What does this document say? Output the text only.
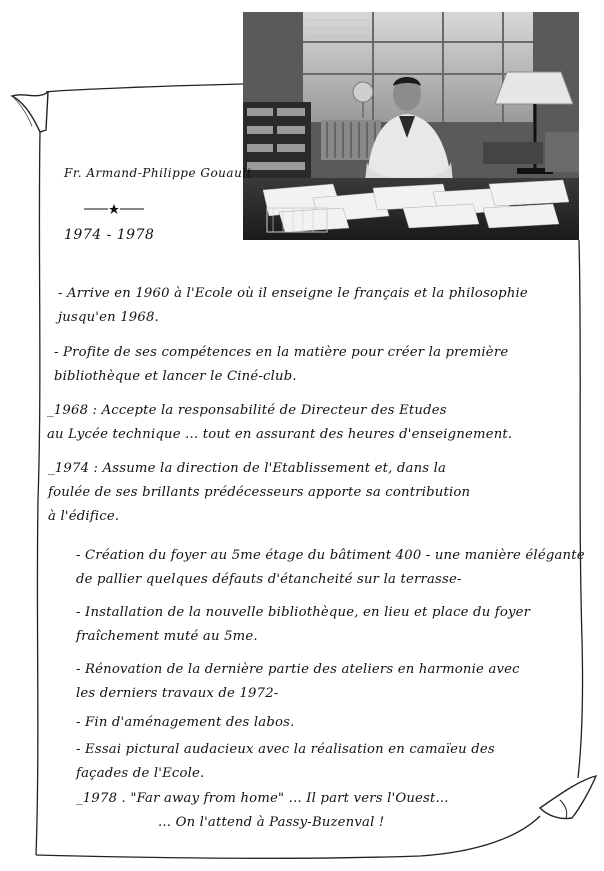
Fr. Armand-Philippe Gouault
1974 - 1978
- Arrive en 1960 à l'Ecole où il enseigne le français et la philosophie
jusqu'en 1968.
- Profite de ses compétences en la matière pour créer la première
bibliothèque et lancer le Ciné-club.
_1968 : Accepte la responsabilité de Directeur des Etudes
au Lycée technique ... tout en assurant des heures d'enseignement.
_1974 : Assume la direction de l'Etablissement et, dans la
foulée de ses brillants prédécesseurs apporte sa contribution
à l'édifice.
- Création du foyer au 5me étage du bâtiment 400 - une manière élégante
de pallier quelques défauts d'étancheité sur la terrasse-
- Installation de la nouvelle bibliothèque, en lieu et place du foyer
fraîchement muté au 5me.
- Rénovation de la dernière partie des ateliers en harmonie avec
les derniers travaux de 1972-
- Fin d'aménagement des labos.
- Essai pictural audacieux avec la réalisation en camaïeu des
façades de l'Ecole.
_1978 . "Far away from home" ... Il part vers l'Ouest...
... On l'attend à Passy-Buzenval !
